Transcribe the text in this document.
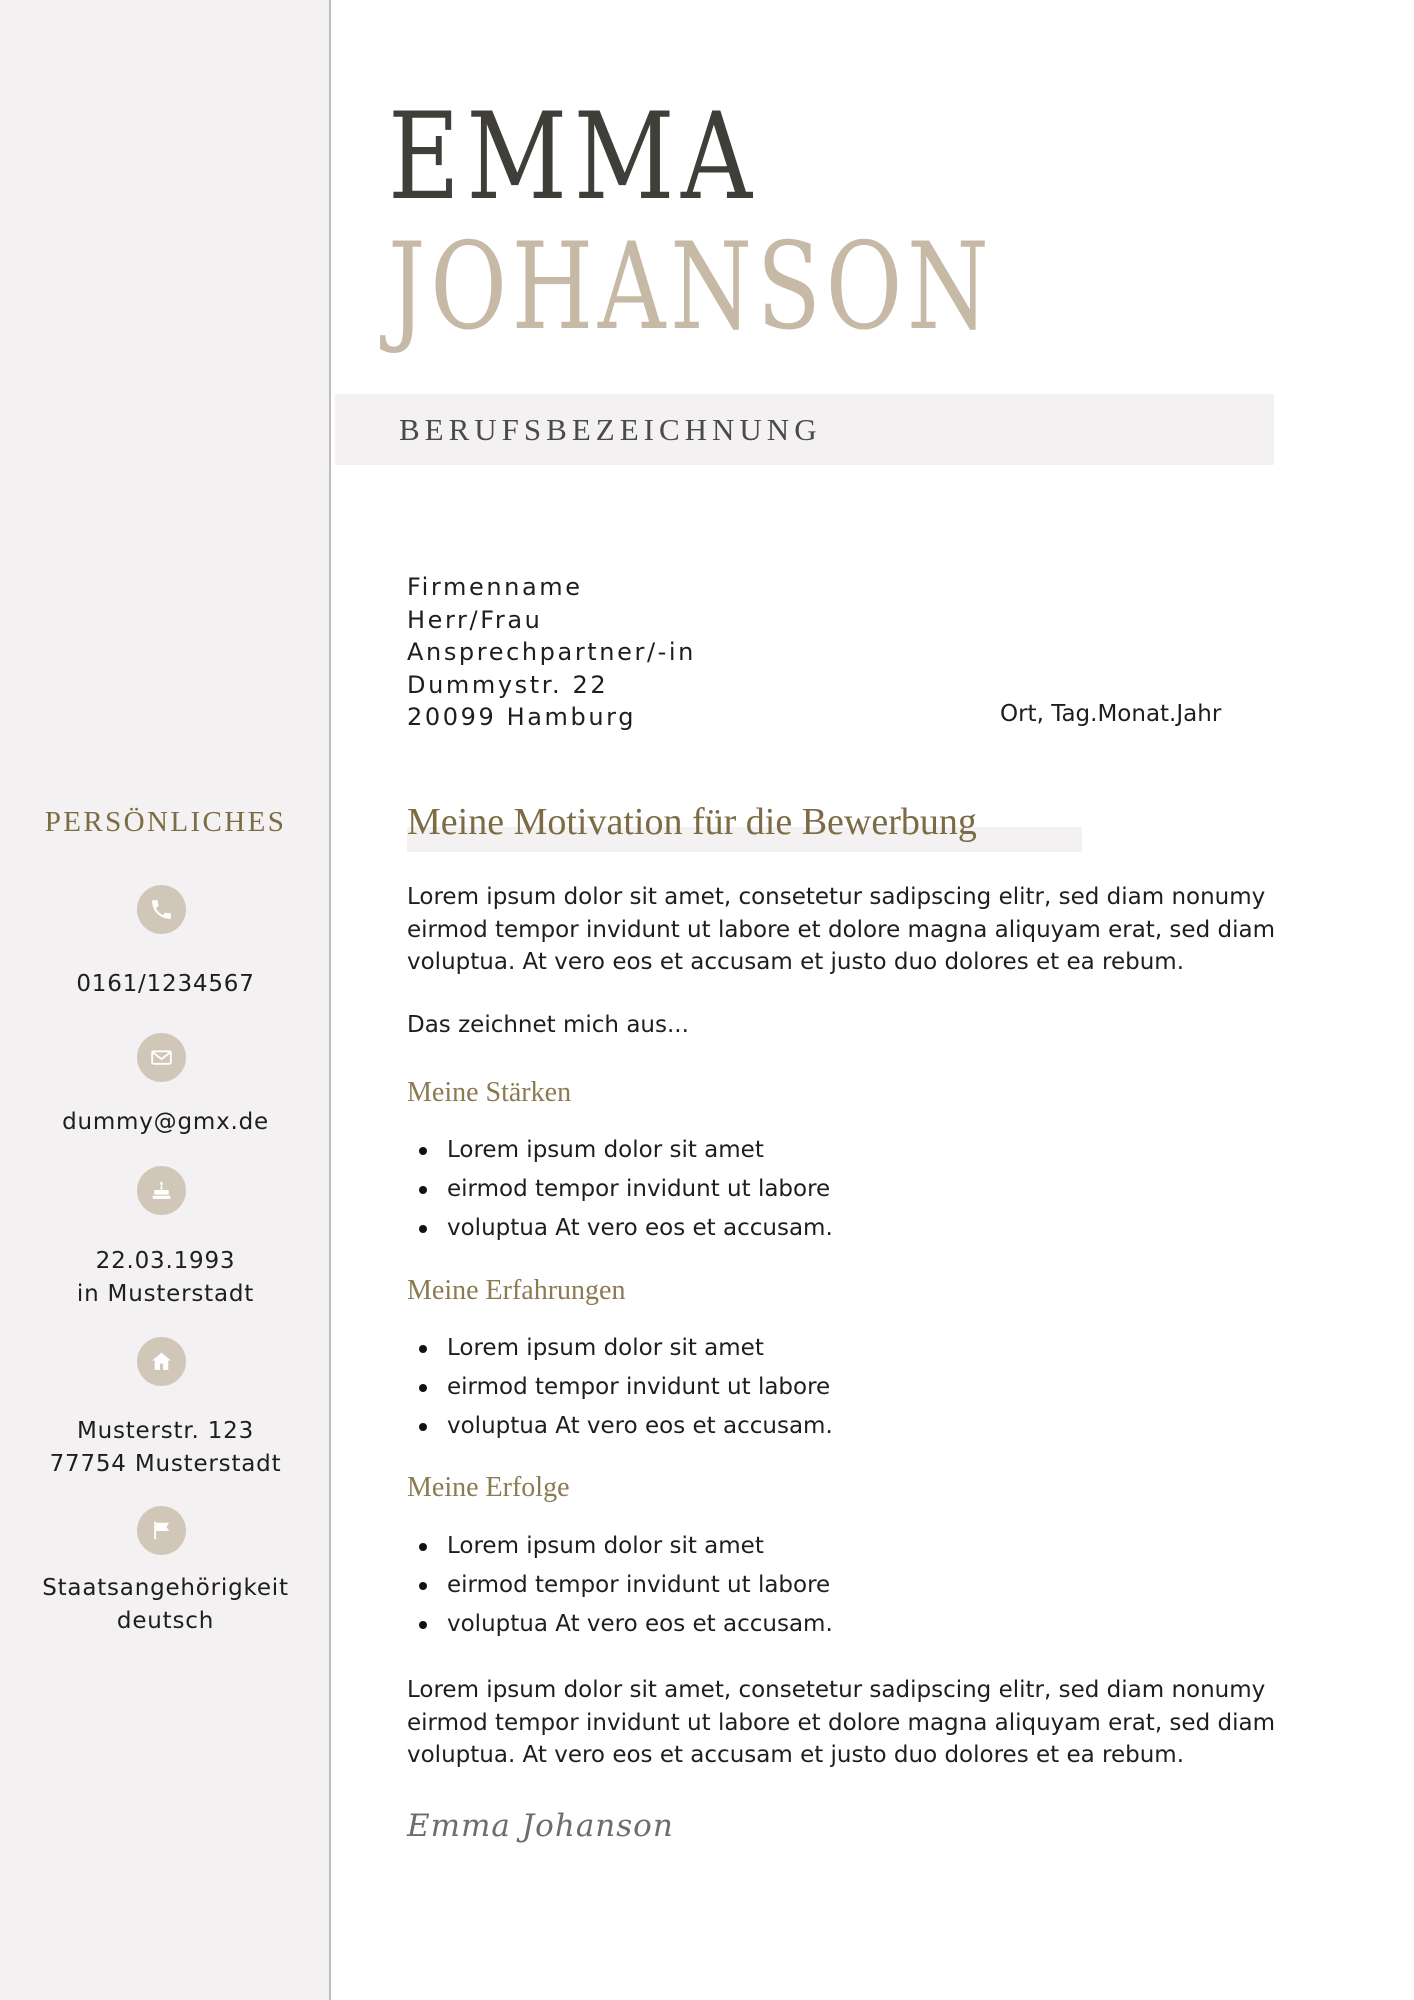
PERSÖNLICHES
0161/1234567
dummy@gmx.de
22.03.1993
in Musterstadt
Musterstr. 123
77754 Musterstadt
Staatsangehörigkeit
deutsch
EMMA
JOHANSON
BERUFSBEZEICHNUNG
Firmenname
Herr/Frau
Ansprechpartner/-in
Dummystr. 22
20099 Hamburg	Ort, Tag.Monat.Jahr
Meine Motivation für die Bewerbung

Lorem ipsum dolor sit amet, consetetur sadipscing elitr, sed diam nonumy eirmod tempor invidunt ut labore et dolore magna aliquyam erat, sed diam voluptua. At vero eos et accusam et justo duo dolores et ea rebum.

Das zeichnet mich aus...

Meine Stärken
Lorem ipsum dolor sit amet
eirmod tempor invidunt ut labore
voluptua At vero eos et accusam.
Meine Erfahrungen
Lorem ipsum dolor sit amet
eirmod tempor invidunt ut labore
voluptua At vero eos et accusam.
Meine Erfolge
Lorem ipsum dolor sit amet
eirmod tempor invidunt ut labore
voluptua At vero eos et accusam.

Lorem ipsum dolor sit amet, consetetur sadipscing elitr, sed diam nonumy eirmod tempor invidunt ut labore et dolore magna aliquyam erat, sed diam voluptua. At vero eos et accusam et justo duo dolores et ea rebum.

Emma Johanson
